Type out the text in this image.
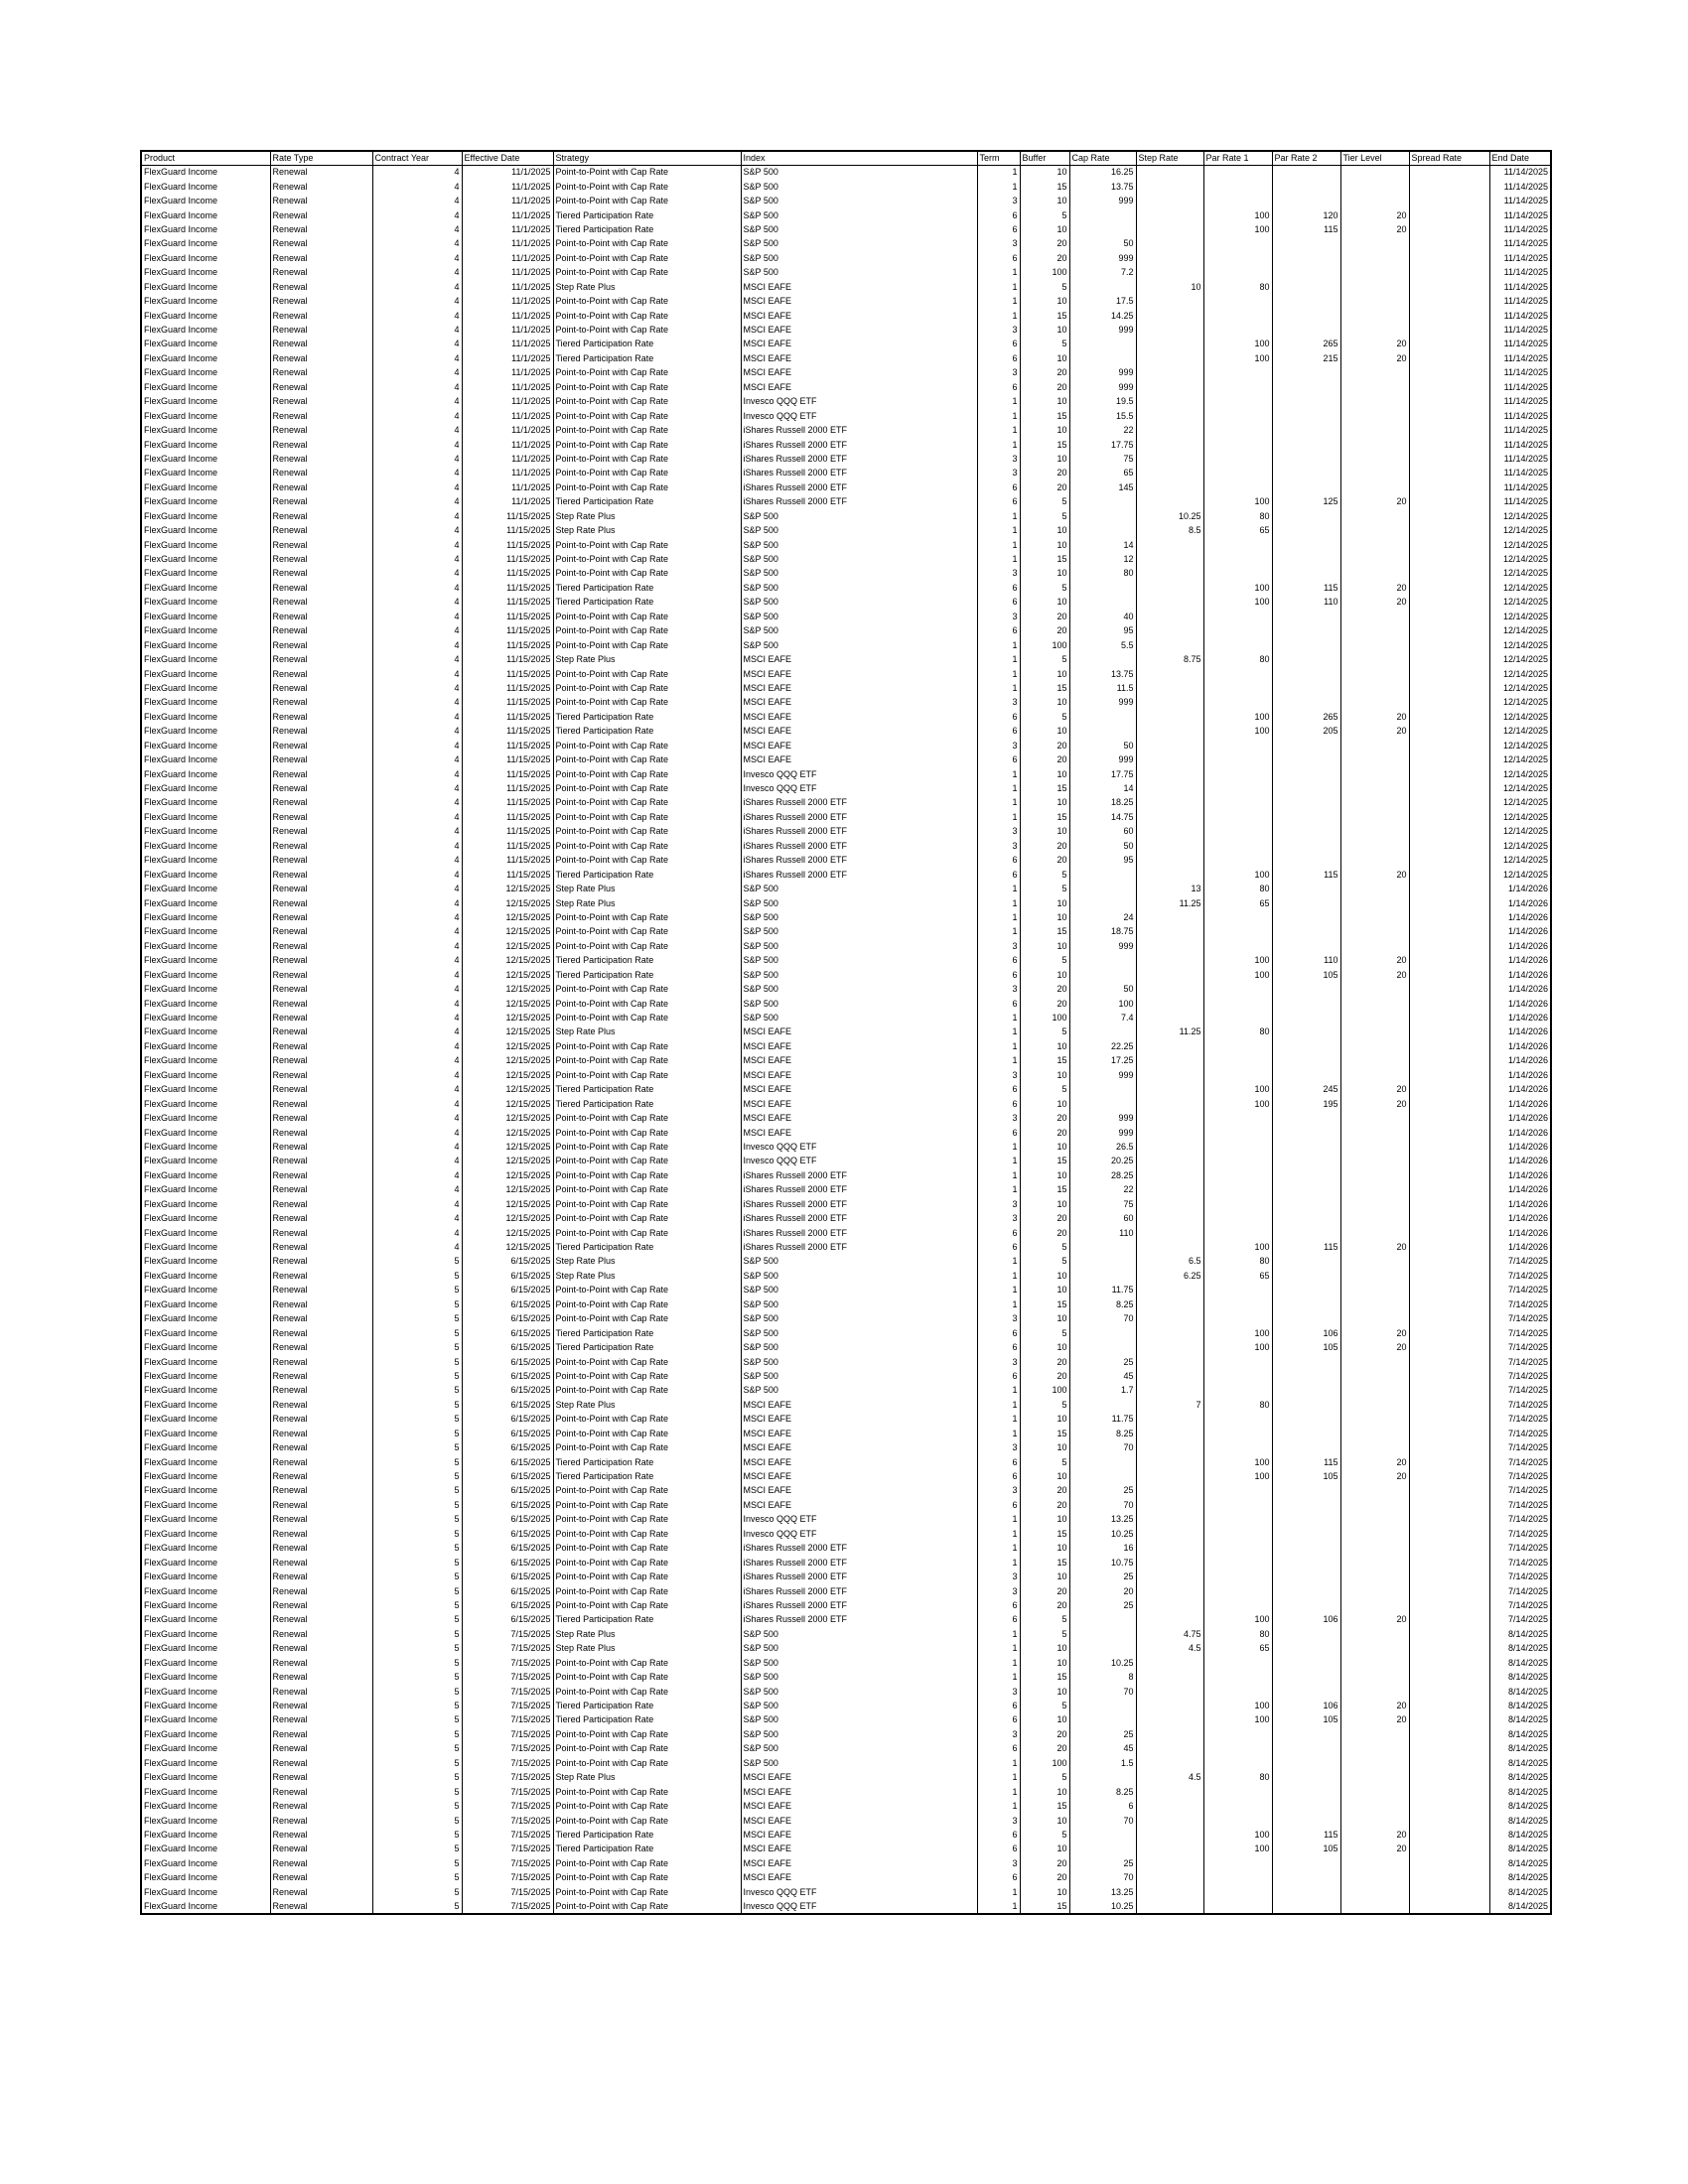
Product	Rate Type	Contract Year	Effective Date	Strategy	Index	Term	Buffer	Cap Rate	Step Rate	Par Rate 1	Par Rate 2	Tier Level	Spread Rate	End Date
FlexGuard Income	Renewal	4	11/1/2025	Point-to-Point with Cap Rate	S&P 500	1	10	16.25						11/14/2025
FlexGuard Income	Renewal	4	11/1/2025	Point-to-Point with Cap Rate	S&P 500	1	15	13.75						11/14/2025
FlexGuard Income	Renewal	4	11/1/2025	Point-to-Point with Cap Rate	S&P 500	3	10	999						11/14/2025
FlexGuard Income	Renewal	4	11/1/2025	Tiered Participation Rate	S&P 500	6	5			100	120	20		11/14/2025
FlexGuard Income	Renewal	4	11/1/2025	Tiered Participation Rate	S&P 500	6	10			100	115	20		11/14/2025
FlexGuard Income	Renewal	4	11/1/2025	Point-to-Point with Cap Rate	S&P 500	3	20	50						11/14/2025
FlexGuard Income	Renewal	4	11/1/2025	Point-to-Point with Cap Rate	S&P 500	6	20	999						11/14/2025
FlexGuard Income	Renewal	4	11/1/2025	Point-to-Point with Cap Rate	S&P 500	1	100	7.2						11/14/2025
FlexGuard Income	Renewal	4	11/1/2025	Step Rate Plus	MSCI EAFE	1	5		10	80				11/14/2025
FlexGuard Income	Renewal	4	11/1/2025	Point-to-Point with Cap Rate	MSCI EAFE	1	10	17.5						11/14/2025
FlexGuard Income	Renewal	4	11/1/2025	Point-to-Point with Cap Rate	MSCI EAFE	1	15	14.25						11/14/2025
FlexGuard Income	Renewal	4	11/1/2025	Point-to-Point with Cap Rate	MSCI EAFE	3	10	999						11/14/2025
FlexGuard Income	Renewal	4	11/1/2025	Tiered Participation Rate	MSCI EAFE	6	5			100	265	20		11/14/2025
FlexGuard Income	Renewal	4	11/1/2025	Tiered Participation Rate	MSCI EAFE	6	10			100	215	20		11/14/2025
FlexGuard Income	Renewal	4	11/1/2025	Point-to-Point with Cap Rate	MSCI EAFE	3	20	999						11/14/2025
FlexGuard Income	Renewal	4	11/1/2025	Point-to-Point with Cap Rate	MSCI EAFE	6	20	999						11/14/2025
FlexGuard Income	Renewal	4	11/1/2025	Point-to-Point with Cap Rate	Invesco QQQ ETF	1	10	19.5						11/14/2025
FlexGuard Income	Renewal	4	11/1/2025	Point-to-Point with Cap Rate	Invesco QQQ ETF	1	15	15.5						11/14/2025
FlexGuard Income	Renewal	4	11/1/2025	Point-to-Point with Cap Rate	iShares Russell 2000 ETF	1	10	22						11/14/2025
FlexGuard Income	Renewal	4	11/1/2025	Point-to-Point with Cap Rate	iShares Russell 2000 ETF	1	15	17.75						11/14/2025
FlexGuard Income	Renewal	4	11/1/2025	Point-to-Point with Cap Rate	iShares Russell 2000 ETF	3	10	75						11/14/2025
FlexGuard Income	Renewal	4	11/1/2025	Point-to-Point with Cap Rate	iShares Russell 2000 ETF	3	20	65						11/14/2025
FlexGuard Income	Renewal	4	11/1/2025	Point-to-Point with Cap Rate	iShares Russell 2000 ETF	6	20	145						11/14/2025
FlexGuard Income	Renewal	4	11/1/2025	Tiered Participation Rate	iShares Russell 2000 ETF	6	5			100	125	20		11/14/2025
FlexGuard Income	Renewal	4	11/15/2025	Step Rate Plus	S&P 500	1	5		10.25	80				12/14/2025
FlexGuard Income	Renewal	4	11/15/2025	Step Rate Plus	S&P 500	1	10		8.5	65				12/14/2025
FlexGuard Income	Renewal	4	11/15/2025	Point-to-Point with Cap Rate	S&P 500	1	10	14						12/14/2025
FlexGuard Income	Renewal	4	11/15/2025	Point-to-Point with Cap Rate	S&P 500	1	15	12						12/14/2025
FlexGuard Income	Renewal	4	11/15/2025	Point-to-Point with Cap Rate	S&P 500	3	10	80						12/14/2025
FlexGuard Income	Renewal	4	11/15/2025	Tiered Participation Rate	S&P 500	6	5			100	115	20		12/14/2025
FlexGuard Income	Renewal	4	11/15/2025	Tiered Participation Rate	S&P 500	6	10			100	110	20		12/14/2025
FlexGuard Income	Renewal	4	11/15/2025	Point-to-Point with Cap Rate	S&P 500	3	20	40						12/14/2025
FlexGuard Income	Renewal	4	11/15/2025	Point-to-Point with Cap Rate	S&P 500	6	20	95						12/14/2025
FlexGuard Income	Renewal	4	11/15/2025	Point-to-Point with Cap Rate	S&P 500	1	100	5.5						12/14/2025
FlexGuard Income	Renewal	4	11/15/2025	Step Rate Plus	MSCI EAFE	1	5		8.75	80				12/14/2025
FlexGuard Income	Renewal	4	11/15/2025	Point-to-Point with Cap Rate	MSCI EAFE	1	10	13.75						12/14/2025
FlexGuard Income	Renewal	4	11/15/2025	Point-to-Point with Cap Rate	MSCI EAFE	1	15	11.5						12/14/2025
FlexGuard Income	Renewal	4	11/15/2025	Point-to-Point with Cap Rate	MSCI EAFE	3	10	999						12/14/2025
FlexGuard Income	Renewal	4	11/15/2025	Tiered Participation Rate	MSCI EAFE	6	5			100	265	20		12/14/2025
FlexGuard Income	Renewal	4	11/15/2025	Tiered Participation Rate	MSCI EAFE	6	10			100	205	20		12/14/2025
FlexGuard Income	Renewal	4	11/15/2025	Point-to-Point with Cap Rate	MSCI EAFE	3	20	50						12/14/2025
FlexGuard Income	Renewal	4	11/15/2025	Point-to-Point with Cap Rate	MSCI EAFE	6	20	999						12/14/2025
FlexGuard Income	Renewal	4	11/15/2025	Point-to-Point with Cap Rate	Invesco QQQ ETF	1	10	17.75						12/14/2025
FlexGuard Income	Renewal	4	11/15/2025	Point-to-Point with Cap Rate	Invesco QQQ ETF	1	15	14						12/14/2025
FlexGuard Income	Renewal	4	11/15/2025	Point-to-Point with Cap Rate	iShares Russell 2000 ETF	1	10	18.25						12/14/2025
FlexGuard Income	Renewal	4	11/15/2025	Point-to-Point with Cap Rate	iShares Russell 2000 ETF	1	15	14.75						12/14/2025
FlexGuard Income	Renewal	4	11/15/2025	Point-to-Point with Cap Rate	iShares Russell 2000 ETF	3	10	60						12/14/2025
FlexGuard Income	Renewal	4	11/15/2025	Point-to-Point with Cap Rate	iShares Russell 2000 ETF	3	20	50						12/14/2025
FlexGuard Income	Renewal	4	11/15/2025	Point-to-Point with Cap Rate	iShares Russell 2000 ETF	6	20	95						12/14/2025
FlexGuard Income	Renewal	4	11/15/2025	Tiered Participation Rate	iShares Russell 2000 ETF	6	5			100	115	20		12/14/2025
FlexGuard Income	Renewal	4	12/15/2025	Step Rate Plus	S&P 500	1	5		13	80				1/14/2026
FlexGuard Income	Renewal	4	12/15/2025	Step Rate Plus	S&P 500	1	10		11.25	65				1/14/2026
FlexGuard Income	Renewal	4	12/15/2025	Point-to-Point with Cap Rate	S&P 500	1	10	24						1/14/2026
FlexGuard Income	Renewal	4	12/15/2025	Point-to-Point with Cap Rate	S&P 500	1	15	18.75						1/14/2026
FlexGuard Income	Renewal	4	12/15/2025	Point-to-Point with Cap Rate	S&P 500	3	10	999						1/14/2026
FlexGuard Income	Renewal	4	12/15/2025	Tiered Participation Rate	S&P 500	6	5			100	110	20		1/14/2026
FlexGuard Income	Renewal	4	12/15/2025	Tiered Participation Rate	S&P 500	6	10			100	105	20		1/14/2026
FlexGuard Income	Renewal	4	12/15/2025	Point-to-Point with Cap Rate	S&P 500	3	20	50						1/14/2026
FlexGuard Income	Renewal	4	12/15/2025	Point-to-Point with Cap Rate	S&P 500	6	20	100						1/14/2026
FlexGuard Income	Renewal	4	12/15/2025	Point-to-Point with Cap Rate	S&P 500	1	100	7.4						1/14/2026
FlexGuard Income	Renewal	4	12/15/2025	Step Rate Plus	MSCI EAFE	1	5		11.25	80				1/14/2026
FlexGuard Income	Renewal	4	12/15/2025	Point-to-Point with Cap Rate	MSCI EAFE	1	10	22.25						1/14/2026
FlexGuard Income	Renewal	4	12/15/2025	Point-to-Point with Cap Rate	MSCI EAFE	1	15	17.25						1/14/2026
FlexGuard Income	Renewal	4	12/15/2025	Point-to-Point with Cap Rate	MSCI EAFE	3	10	999						1/14/2026
FlexGuard Income	Renewal	4	12/15/2025	Tiered Participation Rate	MSCI EAFE	6	5			100	245	20		1/14/2026
FlexGuard Income	Renewal	4	12/15/2025	Tiered Participation Rate	MSCI EAFE	6	10			100	195	20		1/14/2026
FlexGuard Income	Renewal	4	12/15/2025	Point-to-Point with Cap Rate	MSCI EAFE	3	20	999						1/14/2026
FlexGuard Income	Renewal	4	12/15/2025	Point-to-Point with Cap Rate	MSCI EAFE	6	20	999						1/14/2026
FlexGuard Income	Renewal	4	12/15/2025	Point-to-Point with Cap Rate	Invesco QQQ ETF	1	10	26.5						1/14/2026
FlexGuard Income	Renewal	4	12/15/2025	Point-to-Point with Cap Rate	Invesco QQQ ETF	1	15	20.25						1/14/2026
FlexGuard Income	Renewal	4	12/15/2025	Point-to-Point with Cap Rate	iShares Russell 2000 ETF	1	10	28.25						1/14/2026
FlexGuard Income	Renewal	4	12/15/2025	Point-to-Point with Cap Rate	iShares Russell 2000 ETF	1	15	22						1/14/2026
FlexGuard Income	Renewal	4	12/15/2025	Point-to-Point with Cap Rate	iShares Russell 2000 ETF	3	10	75						1/14/2026
FlexGuard Income	Renewal	4	12/15/2025	Point-to-Point with Cap Rate	iShares Russell 2000 ETF	3	20	60						1/14/2026
FlexGuard Income	Renewal	4	12/15/2025	Point-to-Point with Cap Rate	iShares Russell 2000 ETF	6	20	110						1/14/2026
FlexGuard Income	Renewal	4	12/15/2025	Tiered Participation Rate	iShares Russell 2000 ETF	6	5			100	115	20		1/14/2026
FlexGuard Income	Renewal	5	6/15/2025	Step Rate Plus	S&P 500	1	5		6.5	80				7/14/2025
FlexGuard Income	Renewal	5	6/15/2025	Step Rate Plus	S&P 500	1	10		6.25	65				7/14/2025
FlexGuard Income	Renewal	5	6/15/2025	Point-to-Point with Cap Rate	S&P 500	1	10	11.75						7/14/2025
FlexGuard Income	Renewal	5	6/15/2025	Point-to-Point with Cap Rate	S&P 500	1	15	8.25						7/14/2025
FlexGuard Income	Renewal	5	6/15/2025	Point-to-Point with Cap Rate	S&P 500	3	10	70						7/14/2025
FlexGuard Income	Renewal	5	6/15/2025	Tiered Participation Rate	S&P 500	6	5			100	106	20		7/14/2025
FlexGuard Income	Renewal	5	6/15/2025	Tiered Participation Rate	S&P 500	6	10			100	105	20		7/14/2025
FlexGuard Income	Renewal	5	6/15/2025	Point-to-Point with Cap Rate	S&P 500	3	20	25						7/14/2025
FlexGuard Income	Renewal	5	6/15/2025	Point-to-Point with Cap Rate	S&P 500	6	20	45						7/14/2025
FlexGuard Income	Renewal	5	6/15/2025	Point-to-Point with Cap Rate	S&P 500	1	100	1.7						7/14/2025
FlexGuard Income	Renewal	5	6/15/2025	Step Rate Plus	MSCI EAFE	1	5		7	80				7/14/2025
FlexGuard Income	Renewal	5	6/15/2025	Point-to-Point with Cap Rate	MSCI EAFE	1	10	11.75						7/14/2025
FlexGuard Income	Renewal	5	6/15/2025	Point-to-Point with Cap Rate	MSCI EAFE	1	15	8.25						7/14/2025
FlexGuard Income	Renewal	5	6/15/2025	Point-to-Point with Cap Rate	MSCI EAFE	3	10	70						7/14/2025
FlexGuard Income	Renewal	5	6/15/2025	Tiered Participation Rate	MSCI EAFE	6	5			100	115	20		7/14/2025
FlexGuard Income	Renewal	5	6/15/2025	Tiered Participation Rate	MSCI EAFE	6	10			100	105	20		7/14/2025
FlexGuard Income	Renewal	5	6/15/2025	Point-to-Point with Cap Rate	MSCI EAFE	3	20	25						7/14/2025
FlexGuard Income	Renewal	5	6/15/2025	Point-to-Point with Cap Rate	MSCI EAFE	6	20	70						7/14/2025
FlexGuard Income	Renewal	5	6/15/2025	Point-to-Point with Cap Rate	Invesco QQQ ETF	1	10	13.25						7/14/2025
FlexGuard Income	Renewal	5	6/15/2025	Point-to-Point with Cap Rate	Invesco QQQ ETF	1	15	10.25						7/14/2025
FlexGuard Income	Renewal	5	6/15/2025	Point-to-Point with Cap Rate	iShares Russell 2000 ETF	1	10	16						7/14/2025
FlexGuard Income	Renewal	5	6/15/2025	Point-to-Point with Cap Rate	iShares Russell 2000 ETF	1	15	10.75						7/14/2025
FlexGuard Income	Renewal	5	6/15/2025	Point-to-Point with Cap Rate	iShares Russell 2000 ETF	3	10	25						7/14/2025
FlexGuard Income	Renewal	5	6/15/2025	Point-to-Point with Cap Rate	iShares Russell 2000 ETF	3	20	20						7/14/2025
FlexGuard Income	Renewal	5	6/15/2025	Point-to-Point with Cap Rate	iShares Russell 2000 ETF	6	20	25						7/14/2025
FlexGuard Income	Renewal	5	6/15/2025	Tiered Participation Rate	iShares Russell 2000 ETF	6	5			100	106	20		7/14/2025
FlexGuard Income	Renewal	5	7/15/2025	Step Rate Plus	S&P 500	1	5		4.75	80				8/14/2025
FlexGuard Income	Renewal	5	7/15/2025	Step Rate Plus	S&P 500	1	10		4.5	65				8/14/2025
FlexGuard Income	Renewal	5	7/15/2025	Point-to-Point with Cap Rate	S&P 500	1	10	10.25						8/14/2025
FlexGuard Income	Renewal	5	7/15/2025	Point-to-Point with Cap Rate	S&P 500	1	15	8						8/14/2025
FlexGuard Income	Renewal	5	7/15/2025	Point-to-Point with Cap Rate	S&P 500	3	10	70						8/14/2025
FlexGuard Income	Renewal	5	7/15/2025	Tiered Participation Rate	S&P 500	6	5			100	106	20		8/14/2025
FlexGuard Income	Renewal	5	7/15/2025	Tiered Participation Rate	S&P 500	6	10			100	105	20		8/14/2025
FlexGuard Income	Renewal	5	7/15/2025	Point-to-Point with Cap Rate	S&P 500	3	20	25						8/14/2025
FlexGuard Income	Renewal	5	7/15/2025	Point-to-Point with Cap Rate	S&P 500	6	20	45						8/14/2025
FlexGuard Income	Renewal	5	7/15/2025	Point-to-Point with Cap Rate	S&P 500	1	100	1.5						8/14/2025
FlexGuard Income	Renewal	5	7/15/2025	Step Rate Plus	MSCI EAFE	1	5		4.5	80				8/14/2025
FlexGuard Income	Renewal	5	7/15/2025	Point-to-Point with Cap Rate	MSCI EAFE	1	10	8.25						8/14/2025
FlexGuard Income	Renewal	5	7/15/2025	Point-to-Point with Cap Rate	MSCI EAFE	1	15	6						8/14/2025
FlexGuard Income	Renewal	5	7/15/2025	Point-to-Point with Cap Rate	MSCI EAFE	3	10	70						8/14/2025
FlexGuard Income	Renewal	5	7/15/2025	Tiered Participation Rate	MSCI EAFE	6	5			100	115	20		8/14/2025
FlexGuard Income	Renewal	5	7/15/2025	Tiered Participation Rate	MSCI EAFE	6	10			100	105	20		8/14/2025
FlexGuard Income	Renewal	5	7/15/2025	Point-to-Point with Cap Rate	MSCI EAFE	3	20	25						8/14/2025
FlexGuard Income	Renewal	5	7/15/2025	Point-to-Point with Cap Rate	MSCI EAFE	6	20	70						8/14/2025
FlexGuard Income	Renewal	5	7/15/2025	Point-to-Point with Cap Rate	Invesco QQQ ETF	1	10	13.25						8/14/2025
FlexGuard Income	Renewal	5	7/15/2025	Point-to-Point with Cap Rate	Invesco QQQ ETF	1	15	10.25						8/14/2025
